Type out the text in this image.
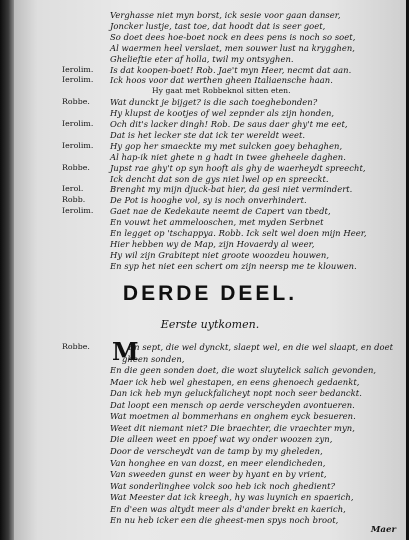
Verghasse niet myn borst, ick sesie voor gaan danser,
Joncker lustje, tast toe, dat hoodt dat is seer goet,
So doet dees hoe-boet nock en dees pens is noch so soet,
Al waermen heel verslaet, men souwer lust na krygghen,
Ghelieftie eter af holla, twil my ontsyghen.
Ierolim.	Is dat koopen-boet! Rob. Jae't myn Heer, necmt dat aan.
Ierolim.	Ick hoos voor dat werthen gheen Italiaensche haan.
Hy gaat met Robbeknol sitten eten.
Robbe.	Wat dunckt je bijget? is die sach toeghebonden?
Hy klupst de kootjes of wel zepnder als zijn honden,
Ierolim.	Och dit's lacker dingh! Rob. De saus daer ghy't me eet,
Dat is het lecker ste dat ick ter wereldt weet.
Ierolim.	Hy gop her smaeckte my met sulcken goey behaghen,
Al hap-ik niet ghete n g hadt in twee gheheele daghen.
Robbe.	Jupst rae ghy't op syn hooft als ghy de waerheydt spreecht,
Ick dencht dat son de gys niet lwel op en spreeckt.
Ierol.	Brenght my mijn djuck-bat hier, da gesi niet vermindert.
Robb.	De Pot is hooghe vol, sy is noch onverhindert.
Ierolim.	Gaet nae de Kedekaute neemt de Capert van tbedt,
En vouwt het ammelooschen, met myden Serbnet
En legget op 'tschappya. Robb. Ick selt wel doen mijn Heer,
Hier hebben wy de Map, zijn Hovaerdy al weer,
Hy wil zijn Grabitept niet groote woozdeu houwen,
En syp het niet een schert om zijn neersp me te klouwen.
DERDE DEEL.
Eerste uytkomen.
M
Robbe.	En sept, die wel dynckt, slaept wel, en die wel slaapt, en doet
gheen sonden,
En die geen sonden doet, die wozt sluytelick salich gevonden,
Maer ick heb wel ghestapen, en eens ghenoech gedaenkt,
Dan ick heb myn geluckfalicheyt nopt noch seer bedanckt.
Dat loopt een mensch op aerde verscheyden avontueren.
Wat moetmen al bommerhans en onghem eyck besueren.
Weet dit niemant niet? Die braechter, die vraechter myn,
Die alleen weet en ppoef wat wy onder woozen zyn,
Door de verscheydt van de tamp by my gheleden,
Van honghee en van dozst, en meer elendicheden,
Van sweeden gunst en weer by hyant en by vrient,
Wat sonderlinghee volck soo heb ick noch ghedient?
Wat Meester dat ick kreegh, hy was luynich en spaerich,
En d'een was altydt meer als d'ander brekt en kaerich,
En nu heb icker een die gheest-men spys noch broot,
Maer
